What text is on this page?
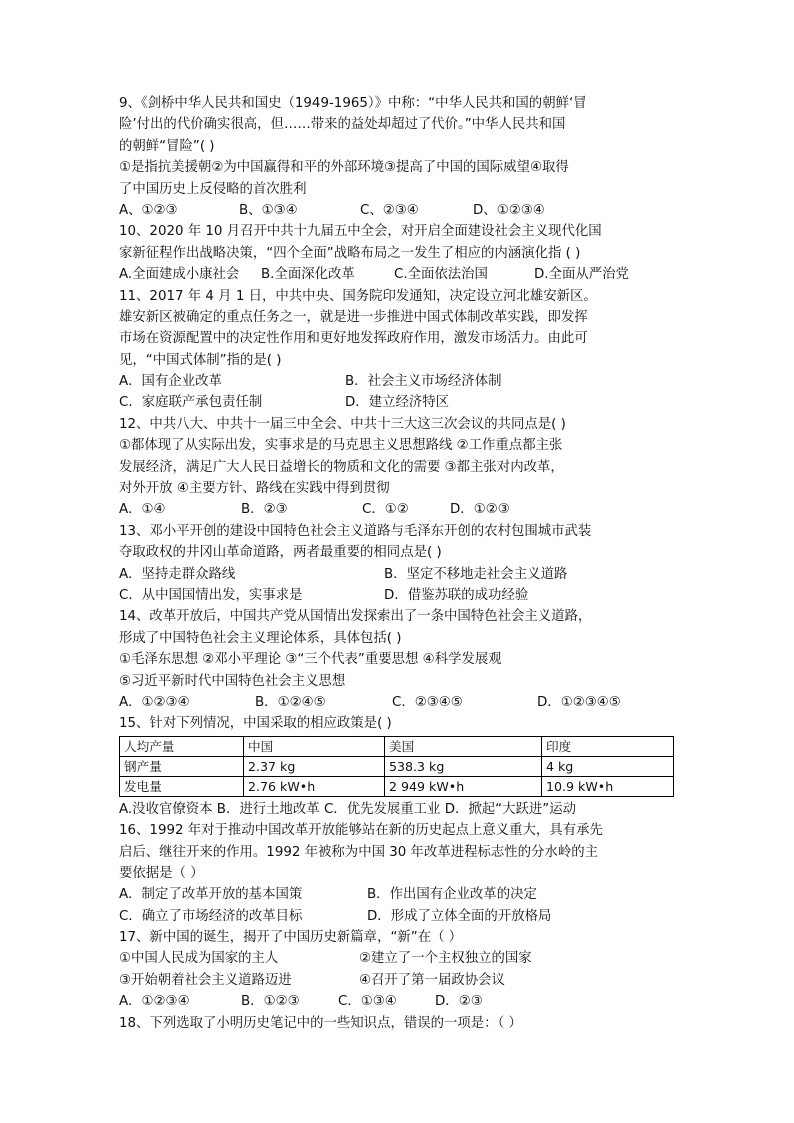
9、《剑桥中华人民共和国史（1949-1965）》中称：“中华人民共和国的朝鲜‘冒
险’付出的代价确实很高，但……带来的益处却超过了代价。”中华人民共和国
的朝鲜“冒险”( )
①是指抗美援朝②为中国赢得和平的外部环境③提高了中国的国际威望④取得
了中国历史上反侵略的首次胜利
A、①②③	B、①③④	C、②③④	D、①②③④
10、2020 年 10 月召开中共十九届五中全会，对开启全面建设社会主义现代化国
家新征程作出战略决策，“四个全面”战略布局之一发生了相应的内涵演化指 ( )
A.全面建成小康社会	B.全面深化改革	C.全面依法治国	D.全面从严治党
11、2017 年 4 月 1 日，中共中央、国务院印发通知，决定设立河北雄安新区。
雄安新区被确定的重点任务之一，就是进一步推进中国式体制改革实践，即发挥
市场在资源配置中的决定性作用和更好地发挥政府作用，激发市场活力。由此可
见，“中国式体制”指的是( )
A．国有企业改革	B．社会主义市场经济体制
C．家庭联产承包责任制	D．建立经济特区
12、中共八大、中共十一届三中全会、中共十三大这三次会议的共同点是( )
①都体现了从实际出发，实事求是的马克思主义思想路线 ②工作重点都主张
发展经济，满足广大人民日益增长的物质和文化的需要 ③都主张对内改革，
对外开放 ④主要方针、路线在实践中得到贯彻
A．①④	B．②③	C．①②	D．①②③
13、邓小平开创的建设中国特色社会主义道路与毛泽东开创的农村包围城市武装
夺取政权的井冈山革命道路，两者最重要的相同点是( )
A．坚持走群众路线	B．坚定不移地走社会主义道路
C．从中国国情出发，实事求是	D．借鉴苏联的成功经验
14、改革开放后，中国共产党从国情出发探索出了一条中国特色社会主义道路，
形成了中国特色社会主义理论体系，具体包括( )
①毛泽东思想 ②邓小平理论 ③“三个代表”重要思想 ④科学发展观
⑤习近平新时代中国特色社会主义思想
A．①②③④	B．①②④⑤	C．②③④⑤	D．①②③④⑤
15、针对下列情况，中国采取的相应政策是( )
人均产量	中国	美国	印度
钢产量	2.37 kg	538.3 kg	4 kg
发电量	2.76 kW•h	2 949 kW•h	10.9 kW•h
A.没收官僚资本 B．进行土地改革 C．优先发展重工业 D．掀起“大跃进”运动
16、1992 年对于推动中国改革开放能够站在新的历史起点上意义重大，具有承先
启后、继往开来的作用。1992 年被称为中国 30 年改革进程标志性的分水岭的主
要依据是（ ）
A．制定了改革开放的基本国策	B．作出国有企业改革的决定
C．确立了市场经济的改革目标	D．形成了立体全面的开放格局
17、新中国的诞生，揭开了中国历史新篇章，“新”在（ ）
①中国人民成为国家的主人	②建立了一个主权独立的国家
③开始朝着社会主义道路迈进	④召开了第一届政协会议
A．①②③④	B．①②③	C．①③④	D．②③
18、下列选取了小明历史笔记中的一些知识点，错误的一项是：（ ）
